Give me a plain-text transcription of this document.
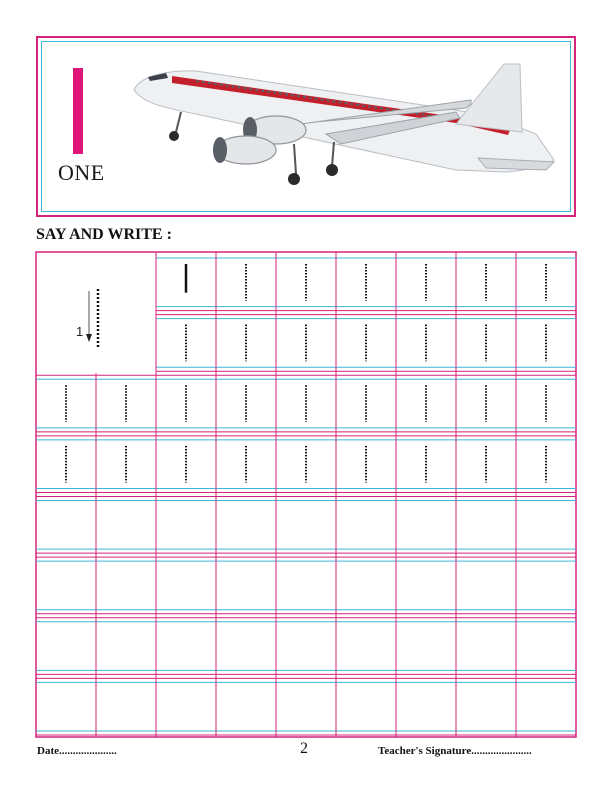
ONE
SAY AND WRITE :
1
Date.....................	2	Teacher's Signature......................
